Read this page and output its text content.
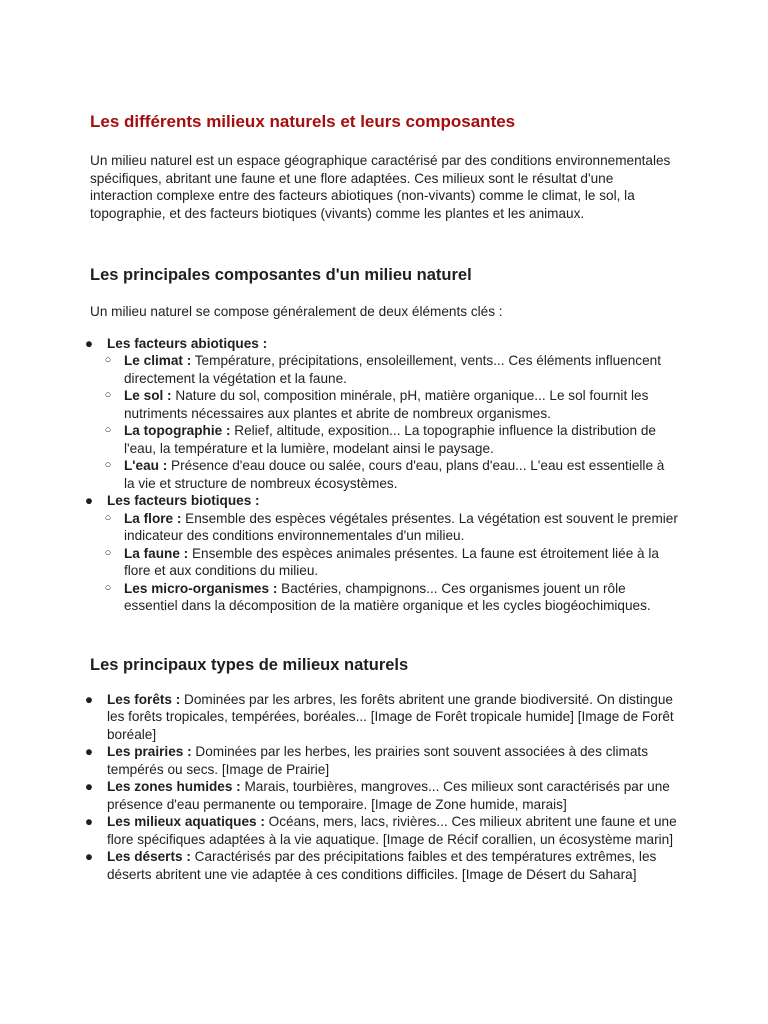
Les différents milieux naturels et leurs composantes

Un milieu naturel est un espace géographique caractérisé par des conditions environnementales spécifiques, abritant une faune et une flore adaptées. Ces milieux sont le résultat d'une interaction complexe entre des facteurs abiotiques (non-vivants) comme le climat, le sol, la topographie, et des facteurs biotiques (vivants) comme les plantes et les animaux.

Les principales composantes d'un milieu naturel

Un milieu naturel se compose généralement de deux éléments clés :

● Les facteurs abiotiques :
○ Le climat : Température, précipitations, ensoleillement, vents... Ces éléments influencent directement la végétation et la faune.
○ Le sol : Nature du sol, composition minérale, pH, matière organique... Le sol fournit les nutriments nécessaires aux plantes et abrite de nombreux organismes.
○ La topographie : Relief, altitude, exposition... La topographie influence la distribution de l'eau, la température et la lumière, modelant ainsi le paysage.
○ L'eau : Présence d'eau douce ou salée, cours d'eau, plans d'eau... L'eau est essentielle à la vie et structure de nombreux écosystèmes.
● Les facteurs biotiques :
○ La flore : Ensemble des espèces végétales présentes. La végétation est souvent le premier indicateur des conditions environnementales d'un milieu.
○ La faune : Ensemble des espèces animales présentes. La faune est étroitement liée à la flore et aux conditions du milieu.
○ Les micro-organismes : Bactéries, champignons... Ces organismes jouent un rôle essentiel dans la décomposition de la matière organique et les cycles biogéochimiques.
Les principaux types de milieux naturels
● Les forêts : Dominées par les arbres, les forêts abritent une grande biodiversité. On distingue les forêts tropicales, tempérées, boréales... [Image de Forêt tropicale humide] [Image de Forêt boréale]
● Les prairies : Dominées par les herbes, les prairies sont souvent associées à des climats tempérés ou secs. [Image de Prairie]
● Les zones humides : Marais, tourbières, mangroves... Ces milieux sont caractérisés par une présence d'eau permanente ou temporaire. [Image de Zone humide, marais]
● Les milieux aquatiques : Océans, mers, lacs, rivières... Ces milieux abritent une faune et une flore spécifiques adaptées à la vie aquatique. [Image de Récif corallien, un écosystème marin]
● Les déserts : Caractérisés par des précipitations faibles et des températures extrêmes, les déserts abritent une vie adaptée à ces conditions difficiles. [Image de Désert du Sahara]
